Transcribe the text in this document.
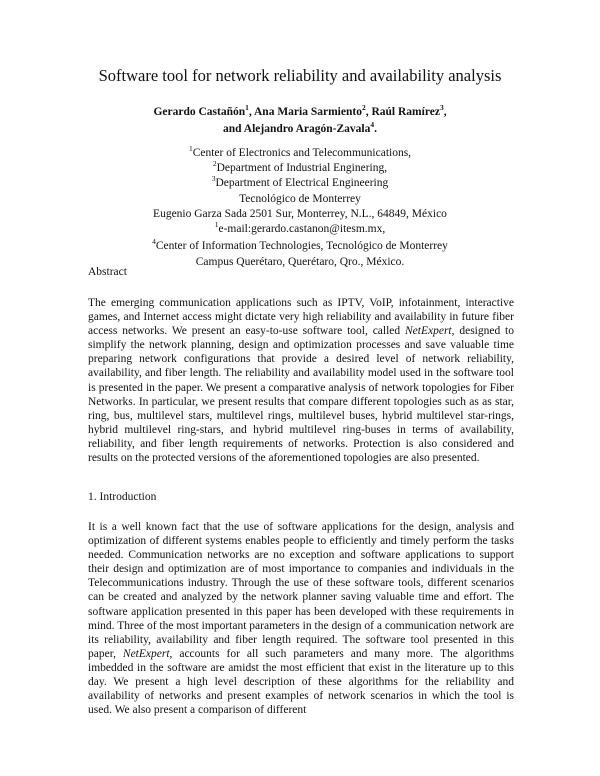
Software tool for network reliability and availability analysis
Gerardo Castañón$^1$, Ana Maria Sarmiento$^2$, Raúl Ramírez$^3$,
and Alejandro Aragón-Zavala$^4$.
$^1$Center of Electronics and Telecommunications,
$^2$Department of Industrial Enginering,
$^3$Department of Electrical Engineering
Tecnológico de Monterrey
Eugenio Garza Sada 2501 Sur, Monterrey, N.L., 64849, México
$^1$e-mail:gerardo.castanon@itesm.mx,
$^4$Center of Information Technologies, Tecnológico de Monterrey
Campus Querétaro, Querétaro, Qro., México.
Abstract

The emerging communication applications such as IPTV, VoIP, infotainment, interactive games, and Internet access might dictate very high reliability and availability in future fiber access networks. We present an easy-to-use software tool, called NetExpert, designed to simplify the network planning, design and optimization processes and save valuable time preparing network configurations that provide a desired level of network reliability, availability, and fiber length. The reliability and availability model used in the software tool is presented in the paper. We present a comparative analysis of network topologies for Fiber Networks. In particular, we present results that compare different topologies such as as star, ring, bus, multilevel stars, multilevel rings, multilevel buses, hybrid multilevel star-rings, hybrid multilevel ring-stars, and hybrid multilevel ring-buses in terms of availability, reliability, and fiber length requirements of networks. Protection is also considered and results on the protected versions of the aforementioned topologies are also presented.

1. Introduction

It is a well known fact that the use of software applications for the design, analysis and optimization of different systems enables people to efficiently and timely perform the tasks needed. Communication networks are no exception and software applications to support their design and optimization are of most importance to companies and individuals in the Telecommunications industry. Through the use of these software tools, different scenarios can be created and analyzed by the network planner saving valuable time and effort. The software application presented in this paper has been developed with these requirements in mind. Three of the most important parameters in the design of a communication network are its reliability, availability and fiber length required. The software tool presented in this paper, NetExpert, accounts for all such parameters and many more. The algorithms imbedded in the software are amidst the most efficient that exist in the literature up to this day. We present a high level description of these algorithms for the reliability and availability of networks and present examples of network scenarios in which the tool is used. We also present a comparison of different
